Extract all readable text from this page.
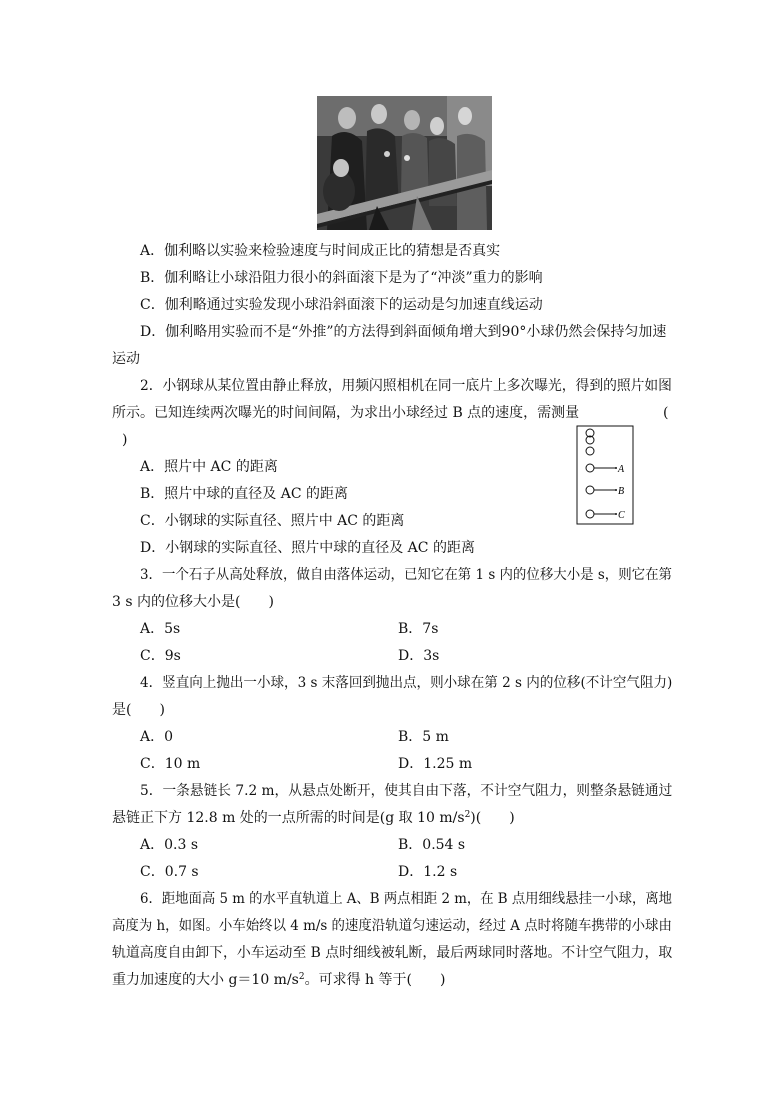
A．伽利略以实验来检验速度与时间成正比的猜想是否真实
B．伽利略让小球沿阻力很小的斜面滚下是为了“冲淡”重力的影响
C．伽利略通过实验发现小球沿斜面滚下的运动是匀加速直线运动
D．伽利略用实验而不是“外推”的方法得到斜面倾角增大到90°小球仍然会保持匀加速
运动
2．小钢球从某位置由静止释放，用频闪照相机在同一底片上多次曝光，得到的照片如图
所示。已知连续两次曝光的时间间隔，为求出小球经过 B 点的速度，需测量	(
)
A
B
C
A．照片中 AC 的距离
B．照片中球的直径及 AC 的距离
C．小钢球的实际直径、照片中 AC 的距离
D．小钢球的实际直径、照片中球的直径及 AC 的距离
3．一个石子从高处释放，做自由落体运动，已知它在第 1 s 内的位移大小是 s，则它在第
3 s 内的位移大小是(　　)
A．5s	B．7s
C．9s	D．3s
4．竖直向上抛出一小球，3 s 末落回到抛出点，则小球在第 2 s 内的位移(不计空气阻力)
是(　　)
A．0	B．5 m
C．10 m	D．1.25 m
5．一条悬链长 7.2 m，从悬点处断开，使其自由下落，不计空气阻力，则整条悬链通过
悬链正下方 12.8 m 处的一点所需的时间是(g 取 10 $m/s^2$)(　　)
A．0.3 s	B．0.54 s
C．0.7 s	D．1.2 s
6．距地面高 5 m 的水平直轨道上 A、B 两点相距 2 m，在 B 点用细线悬挂一小球，离地
高度为 h，如图。小车始终以 4 m/s 的速度沿轨道匀速运动，经过 A 点时将随车携带的小球由
轨道高度自由卸下，小车运动至 B 点时细线被轧断，最后两球同时落地。不计空气阻力，取
重力加速度的大小 g＝10 $m/s^2$。可求得 h 等于(　　)
